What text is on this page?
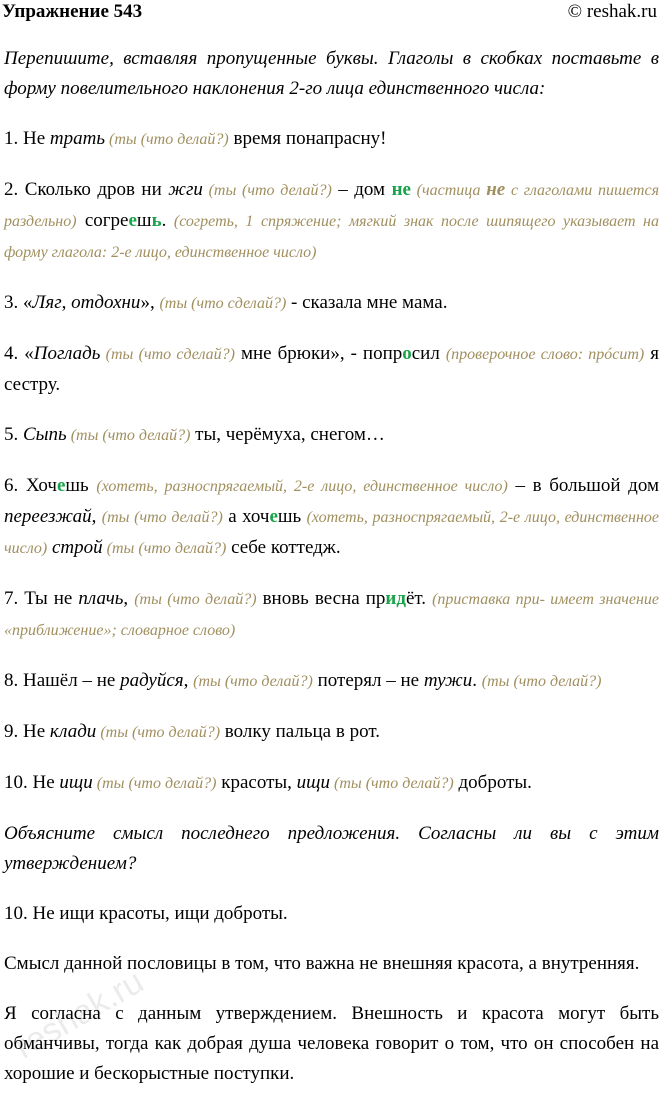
Упражнение 543	© reshak.ru
reshak.ru

Перепишите, вставляя пропущенные буквы. Глаголы в скобках поставьте в форму повелительного наклонения 2-го лица единственного числа:

1. Не трать (ты (что делай?) время понапрасну!

2. Сколько дров ни жги (ты (что делай?) – дом не (частица не с глаголами пишется раздельно) согреешь. (согреть, 1 спряжение; мягкий знак после шипящего указывает на форму глагола: 2-е лицо, единственное число)

3. «Ляг, отдохни», (ты (что сделай?) - сказала мне мама.

4. «Погладь (ты (что сделай?) мне брюки», - попросил (проверочное слово: прóсит) я сестру.

5. Сыпь (ты (что делай?) ты, черёмуха, снегом…

6. Хочешь (хотеть, разноспрягаемый, 2-е лицо, единственное число) – в большой дом переезжай, (ты (что делай?) а хочешь (хотеть, разноспрягаемый, 2-е лицо, единственное число) строй (ты (что делай?) себе коттедж.

7. Ты не плачь, (ты (что делай?) вновь весна придёт. (приставка при- имеет значение «приближение»; словарное слово)

8. Нашёл – не радуйся, (ты (что делай?) потерял – не тужи. (ты (что делай?)

9. Не клади (ты (что делай?) волку пальца в рот.

10. Не ищи (ты (что делай?) красоты, ищи (ты (что делай?) доброты.

Объясните смысл последнего предложения. Согласны ли вы с этим утверждением?

10. Не ищи красоты, ищи доброты.

Смысл данной пословицы в том, что важна не внешняя красота, а внутренняя.

Я согласна с данным утверждением. Внешность и красота могут быть обманчивы, тогда как добрая душа человека говорит о том, что он способен на хорошие и бескорыстные поступки.
